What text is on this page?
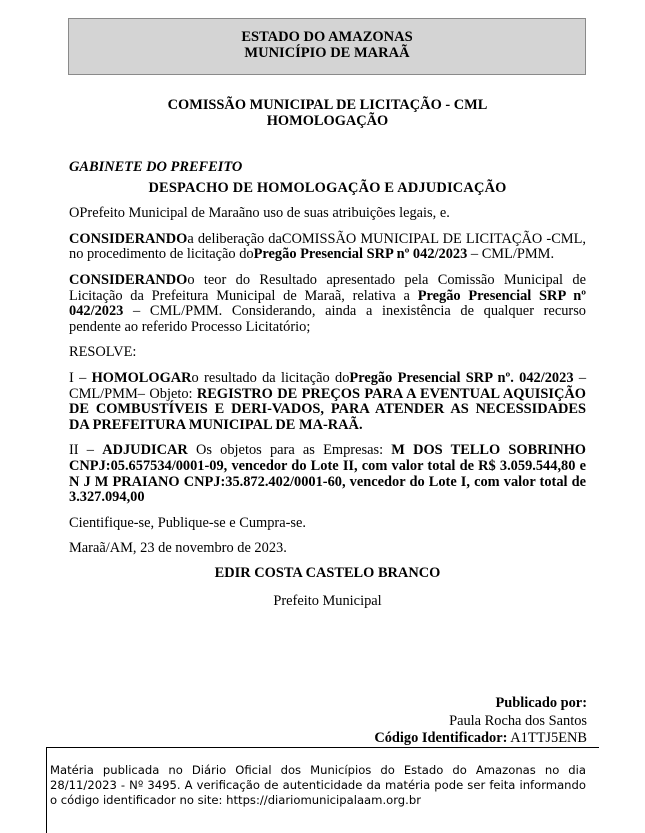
ESTADO DO AMAZONAS
MUNICÍPIO DE MARAÃ
COMISSÃO MUNICIPAL DE LICITAÇÃO - CML
HOMOLOGAÇÃO
GABINETE DO PREFEITO
DESPACHO DE HOMOLOGAÇÃO E ADJUDICAÇÃO

OPrefeito Municipal de Maraãno uso de suas atribuições legais, e.

CONSIDERANDOa deliberação daCOMISSÃO MUNICIPAL DE LICITAÇÃO -CML, no procedimento de licitação doPregão Presencial SRP nº 042/2023 – CML/PMM.

CONSIDERANDOo teor do Resultado apresentado pela Comissão Municipal de Licitação da Prefeitura Municipal de Maraã, relativa a Pregão Presencial SRP nº 042/2023 – CML/PMM. Considerando, ainda a inexistência de qualquer recurso pendente ao referido Processo Licitatório;

RESOLVE:

I – HOMOLOGARo resultado da licitação doPregão Presencial SRP nº. 042/2023 – CML/PMM– Objeto: REGISTRO DE PREÇOS PARA A EVENTUAL AQUISIÇÃO DE COMBUSTÍVEIS E DERI-VADOS, PARA ATENDER AS NECESSIDADES DA PREFEITURA MUNICIPAL DE MA-RAÃ.

II – ADJUDICAR Os objetos para as Empresas: M DOS TELLO SOBRINHO CNPJ:05.657534/0001-09, vencedor do Lote II, com valor total de R$ 3.059.544,80 e N J M PRAIANO CNPJ:35.872.402/0001-60, vencedor do Lote I, com valor total de 3.327.094,00

Cientifique-se, Publique-se e Cumpra-se.

Maraã/AM, 23 de novembro de 2023.

EDIR COSTA CASTELO BRANCO
Prefeito Municipal
Publicado por:
Paula Rocha dos Santos
Código Identificador: A1TTJ5ENB
Matéria publicada no Diário Oficial dos Municípios do Estado do Amazonas no dia 28/11/2023 - Nº 3495. A verificação de autenticidade da matéria pode ser feita informando o código identificador no site: https://diariomunicipalaam.org.br
